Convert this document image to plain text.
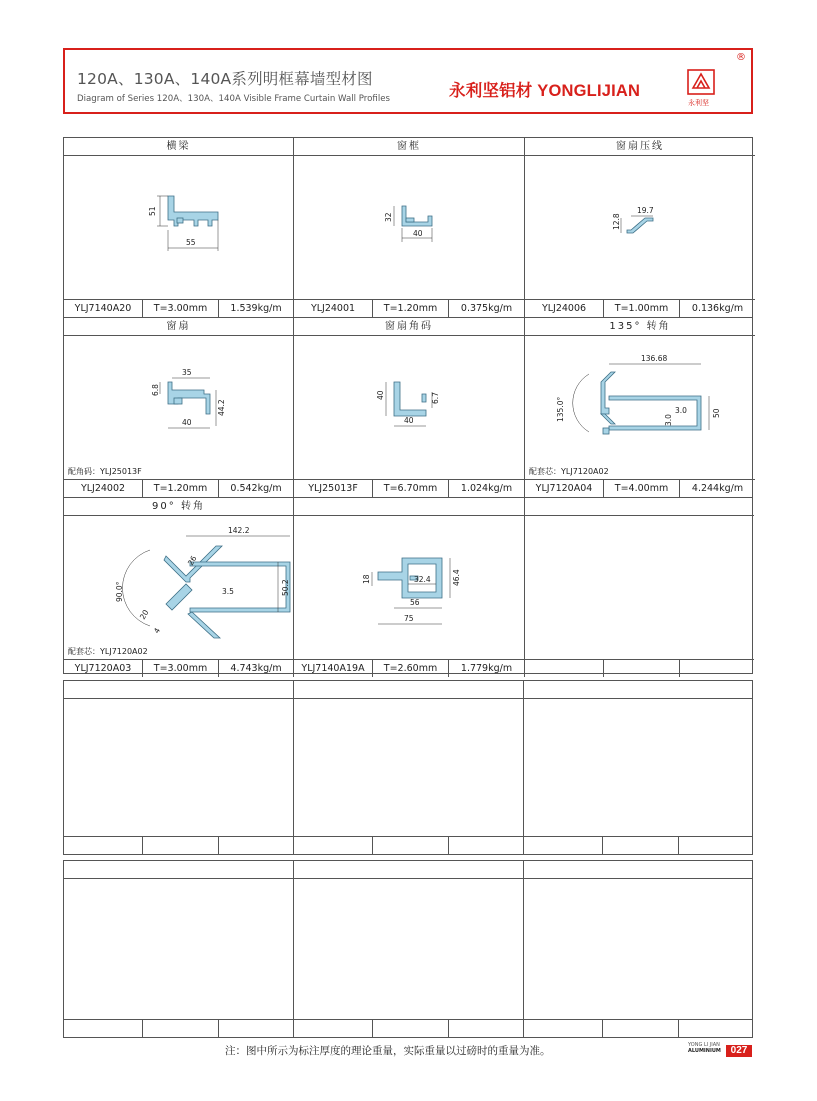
120A、130A、140A系列明框幕墙型材图
Diagram of Series 120A、130A、140A Visible Frame Curtain Wall Profiles	永利坚铝材 YONGLIJIAN
永利坚
®
横梁
51
55
YLJ7140A20	T=3.00mm	1.539kg/m
窗框
32
40
YLJ24001	T=1.20mm	0.375kg/m
窗扇压线
12.8
19.7
YLJ24006	T=1.00mm	0.136kg/m
窗扇
35
6.8
44.2
40
配角码：YLJ25013F
YLJ24002	T=1.20mm	0.542kg/m
窗扇角码
40	6.7
40
YLJ25013F	T=6.70mm	1.024kg/m
135° 转角
135.0°
136.68
3.0
3.0
50
配套芯：YLJ7120A02
YLJ7120A04	T=4.00mm	4.244kg/m
90° 转角
90.0°
142.2
26
3.5	50.2
20
4
配套芯：YLJ7120A02
YLJ7120A03	T=3.00mm	4.743kg/m
18	32.4	46.4
56
75
YLJ7140A19A	T=2.60mm	1.779kg/m
注：图中所示为标注厚度的理论重量，实际重量以过磅时的重量为准。	YONG LI JIAN
ALUMINIUM 027
